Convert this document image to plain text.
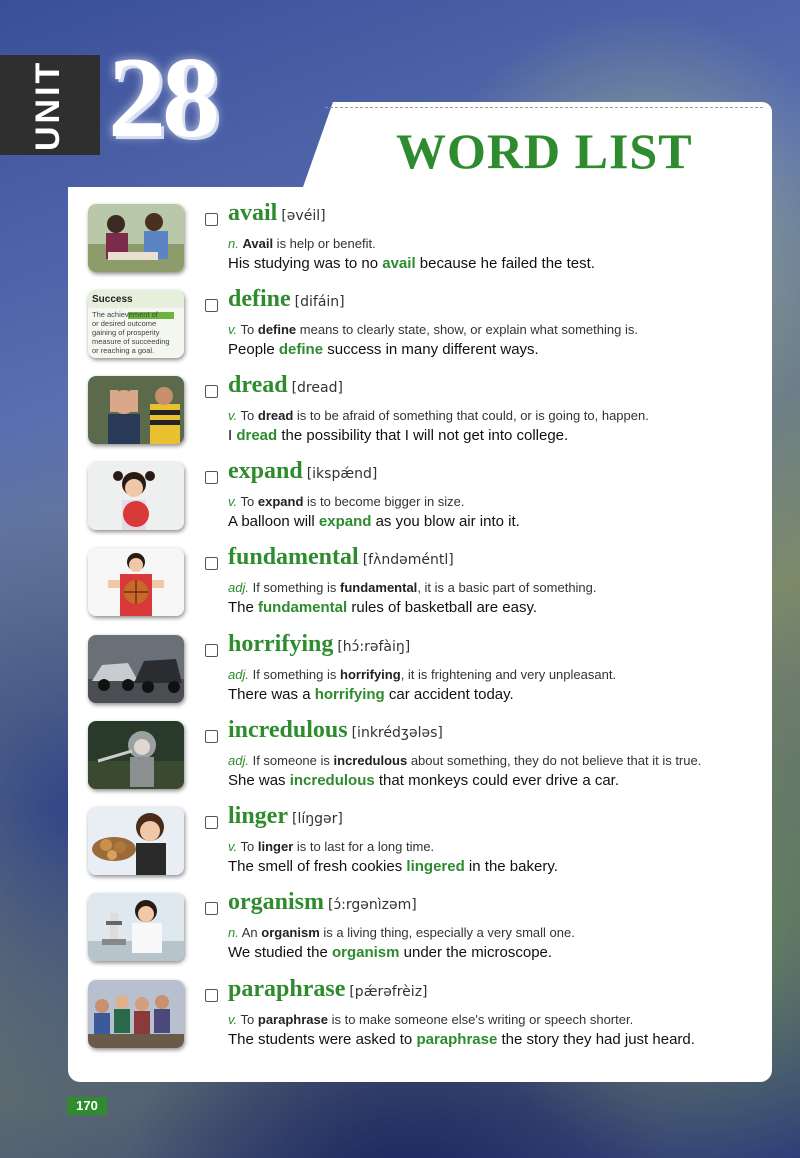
UNIT 28	WORD LIST
avail [əvéil]
n. Avail is help or benefit.
His studying was to no avail because he failed the test.
Success
The achievement of
or desired outcome
gaining of prosperity
measure of succeeding
or reaching a goal.
define [difáin]
v. To define means to clearly state, show, or explain what something is.
People define success in many different ways.
dread [dread]
v. To dread is to be afraid of something that could, or is going to, happen.
I dread the possibility that I will not get into college.
expand [ikspǽnd]
v. To expand is to become bigger in size.
A balloon will expand as you blow air into it.
fundamental [fʌ̀ndəméntl]
adj. If something is fundamental, it is a basic part of something.
The fundamental rules of basketball are easy.
horrifying [hɔ́:rəfàiŋ]
adj. If something is horrifying, it is frightening and very unpleasant.
There was a horrifying car accident today.
incredulous [inkrédʒələs]
adj. If someone is incredulous about something, they do not believe that it is true.
She was incredulous that monkeys could ever drive a car.
linger [líŋgər]
v. To linger is to last for a long time.
The smell of fresh cookies lingered in the bakery.
organism [ɔ́:rgənìzəm]
n. An organism is a living thing, especially a very small one.
We studied the organism under the microscope.
paraphrase [pǽrəfrèiz]
v. To paraphrase is to make someone else's writing or speech shorter.
The students were asked to paraphrase the story they had just heard.
170
